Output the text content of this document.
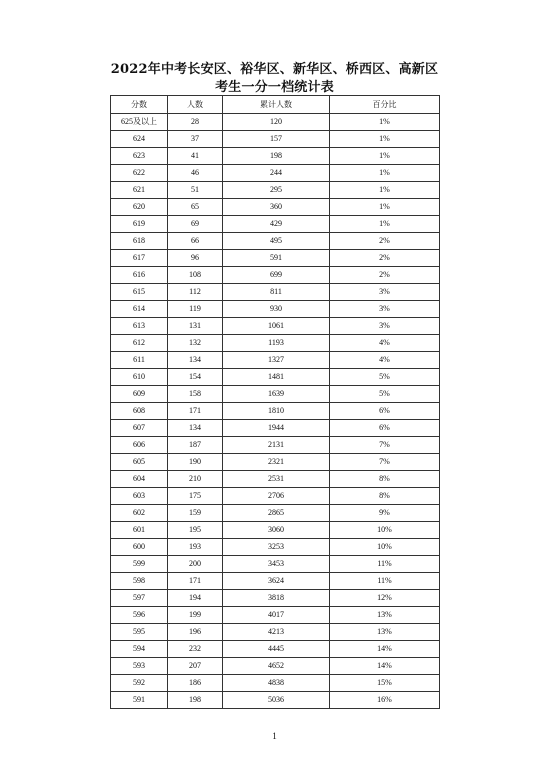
2022年中考长安区、裕华区、新华区、桥西区、高新区
考生一分一档统计表
分数	人数	累计人数	百分比
625及以上	28	120	1%
624	37	157	1%
623	41	198	1%
622	46	244	1%
621	51	295	1%
620	65	360	1%
619	69	429	1%
618	66	495	2%
617	96	591	2%
616	108	699	2%
615	112	811	3%
614	119	930	3%
613	131	1061	3%
612	132	1193	4%
611	134	1327	4%
610	154	1481	5%
609	158	1639	5%
608	171	1810	6%
607	134	1944	6%
606	187	2131	7%
605	190	2321	7%
604	210	2531	8%
603	175	2706	8%
602	159	2865	9%
601	195	3060	10%
600	193	3253	10%
599	200	3453	11%
598	171	3624	11%
597	194	3818	12%
596	199	4017	13%
595	196	4213	13%
594	232	4445	14%
593	207	4652	14%
592	186	4838	15%
591	198	5036	16%
1
